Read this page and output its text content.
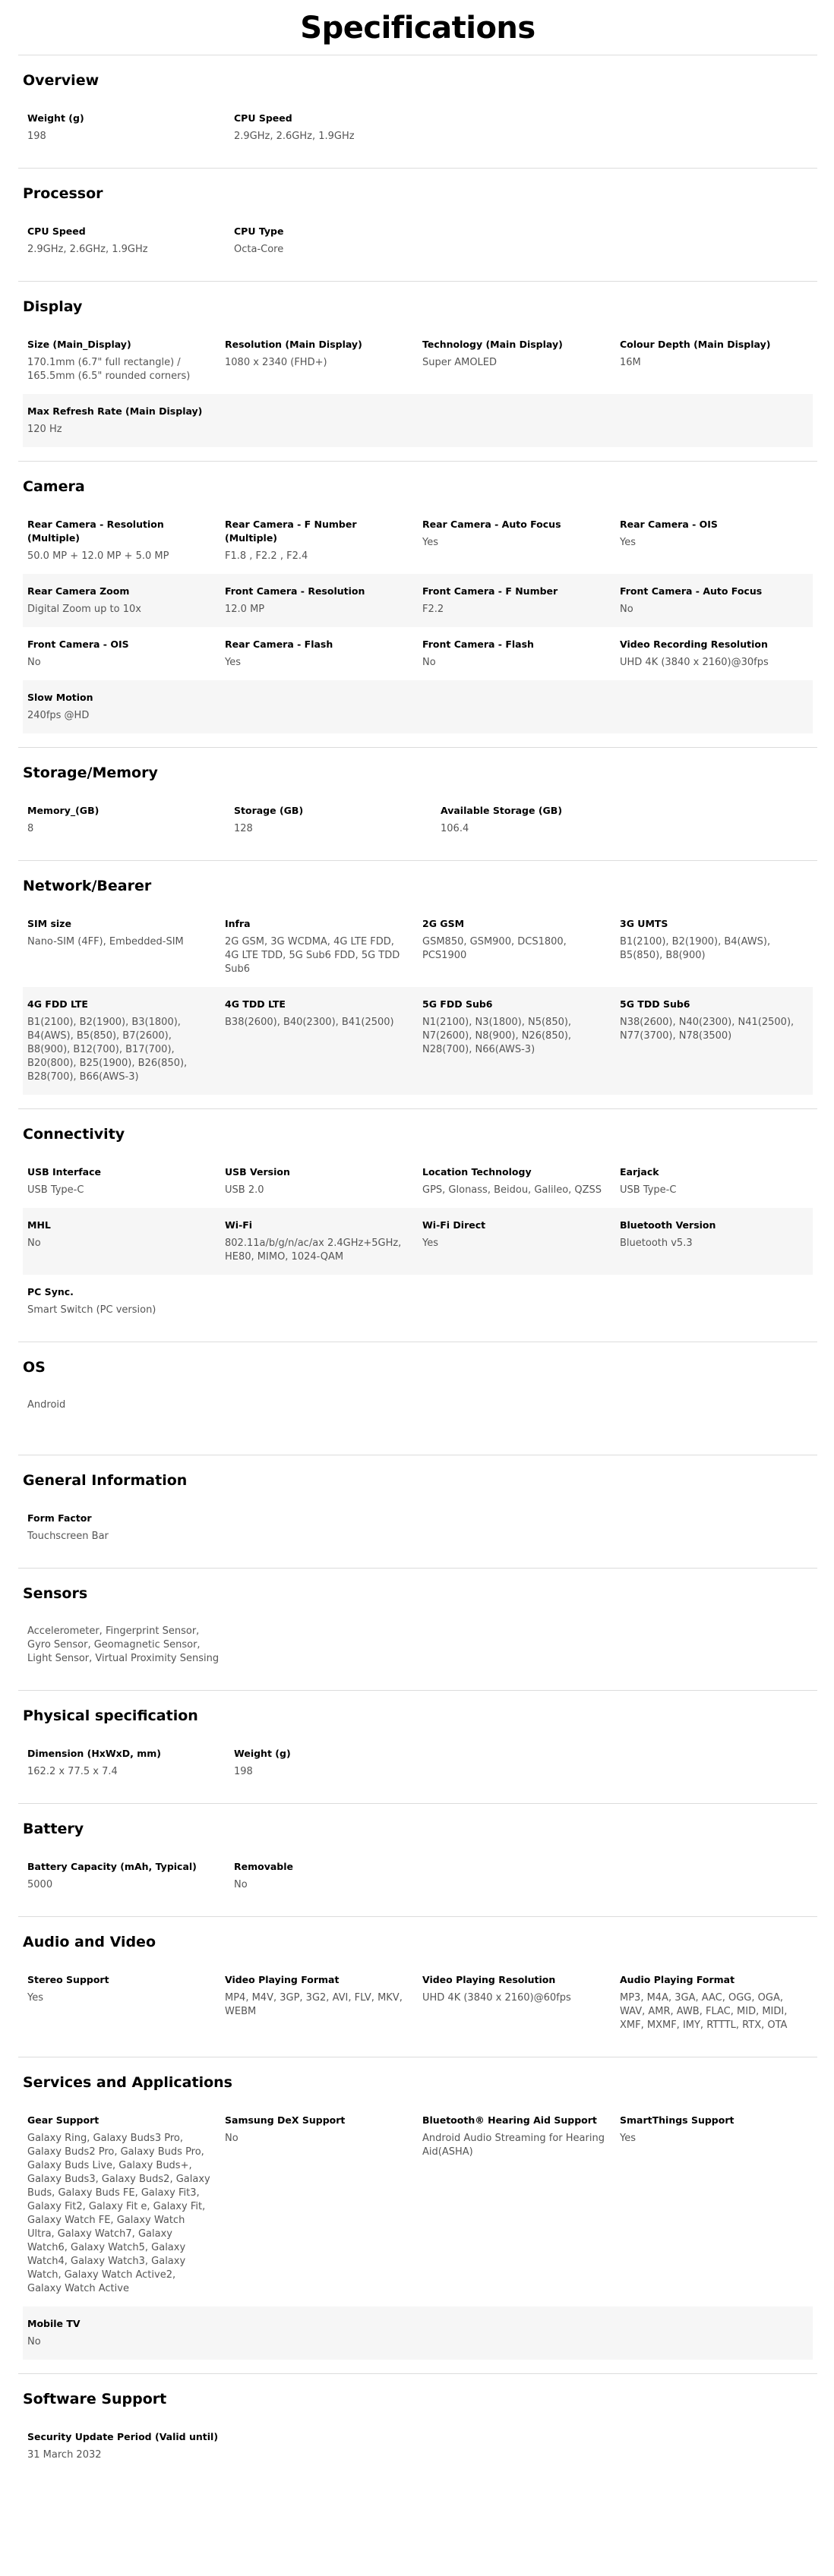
Specifications
Overview
Weight (g)
198
CPU Speed
2.9GHz, 2.6GHz, 1.9GHz
Processor
CPU Speed
2.9GHz, 2.6GHz, 1.9GHz
CPU Type
Octa-Core
Display
Size (Main_Display)
170.1mm (6.7" full rectangle) / 165.5mm (6.5" rounded corners)
Resolution (Main Display)
1080 x 2340 (FHD+)
Technology (Main Display)
Super AMOLED
Colour Depth (Main Display)
16M
Max Refresh Rate (Main Display)
120 Hz
Camera
Rear Camera - Resolution (Multiple)
50.0 MP + 12.0 MP + 5.0 MP
Rear Camera - F Number (Multiple)
F1.8 , F2.2 , F2.4
Rear Camera - Auto Focus
Yes
Rear Camera - OIS
Yes
Rear Camera Zoom
Digital Zoom up to 10x
Front Camera - Resolution
12.0 MP
Front Camera - F Number
F2.2
Front Camera - Auto Focus
No
Front Camera - OIS
No
Rear Camera - Flash
Yes
Front Camera - Flash
No
Video Recording Resolution
UHD 4K (3840 x 2160)@30fps
Slow Motion
240fps @HD
Storage/Memory
Memory_(GB)
8
Storage (GB)
128
Available Storage (GB)
106.4
Network/Bearer
SIM size
Nano-SIM (4FF), Embedded-SIM
Infra
2G GSM, 3G WCDMA, 4G LTE FDD, 4G LTE TDD, 5G Sub6 FDD, 5G TDD Sub6
2G GSM
GSM850, GSM900, DCS1800, PCS1900
3G UMTS
B1(2100), B2(1900), B4(AWS), B5(850), B8(900)
4G FDD LTE
B1(2100), B2(1900), B3(1800), B4(AWS), B5(850), B7(2600), B8(900), B12(700), B17(700), B20(800), B25(1900), B26(850), B28(700), B66(AWS-3)
4G TDD LTE
B38(2600), B40(2300), B41(2500)
5G FDD Sub6
N1(2100), N3(1800), N5(850), N7(2600), N8(900), N26(850), N28(700), N66(AWS-3)
5G TDD Sub6
N38(2600), N40(2300), N41(2500), N77(3700), N78(3500)
Connectivity
USB Interface
USB Type-C
USB Version
USB 2.0
Location Technology
GPS, Glonass, Beidou, Galileo, QZSS
Earjack
USB Type-C
MHL
No
Wi-Fi
802.11a/b/g/n/ac/ax 2.4GHz+5GHz, HE80, MIMO, 1024-QAM
Wi-Fi Direct
Yes
Bluetooth Version
Bluetooth v5.3
PC Sync.
Smart Switch (PC version)
OS
Android
General Information
Form Factor
Touchscreen Bar
Sensors
Accelerometer, Fingerprint Sensor, Gyro Sensor, Geomagnetic Sensor, Light Sensor, Virtual Proximity Sensing
Physical specification
Dimension (HxWxD, mm)
162.2 x 77.5 x 7.4
Weight (g)
198
Battery
Battery Capacity (mAh, Typical)
5000
Removable
No
Audio and Video
Stereo Support
Yes
Video Playing Format
MP4, M4V, 3GP, 3G2, AVI, FLV, MKV, WEBM
Video Playing Resolution
UHD 4K (3840 x 2160)@60fps
Audio Playing Format
MP3, M4A, 3GA, AAC, OGG, OGA, WAV, AMR, AWB, FLAC, MID, MIDI, XMF, MXMF, IMY, RTTTL, RTX, OTA
Services and Applications
Gear Support
Galaxy Ring, Galaxy Buds3 Pro, Galaxy Buds2 Pro, Galaxy Buds Pro, Galaxy Buds Live, Galaxy Buds+, Galaxy Buds3, Galaxy Buds2, Galaxy Buds, Galaxy Buds FE, Galaxy Fit3, Galaxy Fit2, Galaxy Fit e, Galaxy Fit, Galaxy Watch FE, Galaxy Watch Ultra, Galaxy Watch7, Galaxy Watch6, Galaxy Watch5, Galaxy Watch4, Galaxy Watch3, Galaxy Watch, Galaxy Watch Active2, Galaxy Watch Active
Samsung DeX Support
No
Bluetooth® Hearing Aid Support
Android Audio Streaming for Hearing Aid(ASHA)
SmartThings Support
Yes
Mobile TV
No
Software Support
Security Update Period (Valid until)
31 March 2032
